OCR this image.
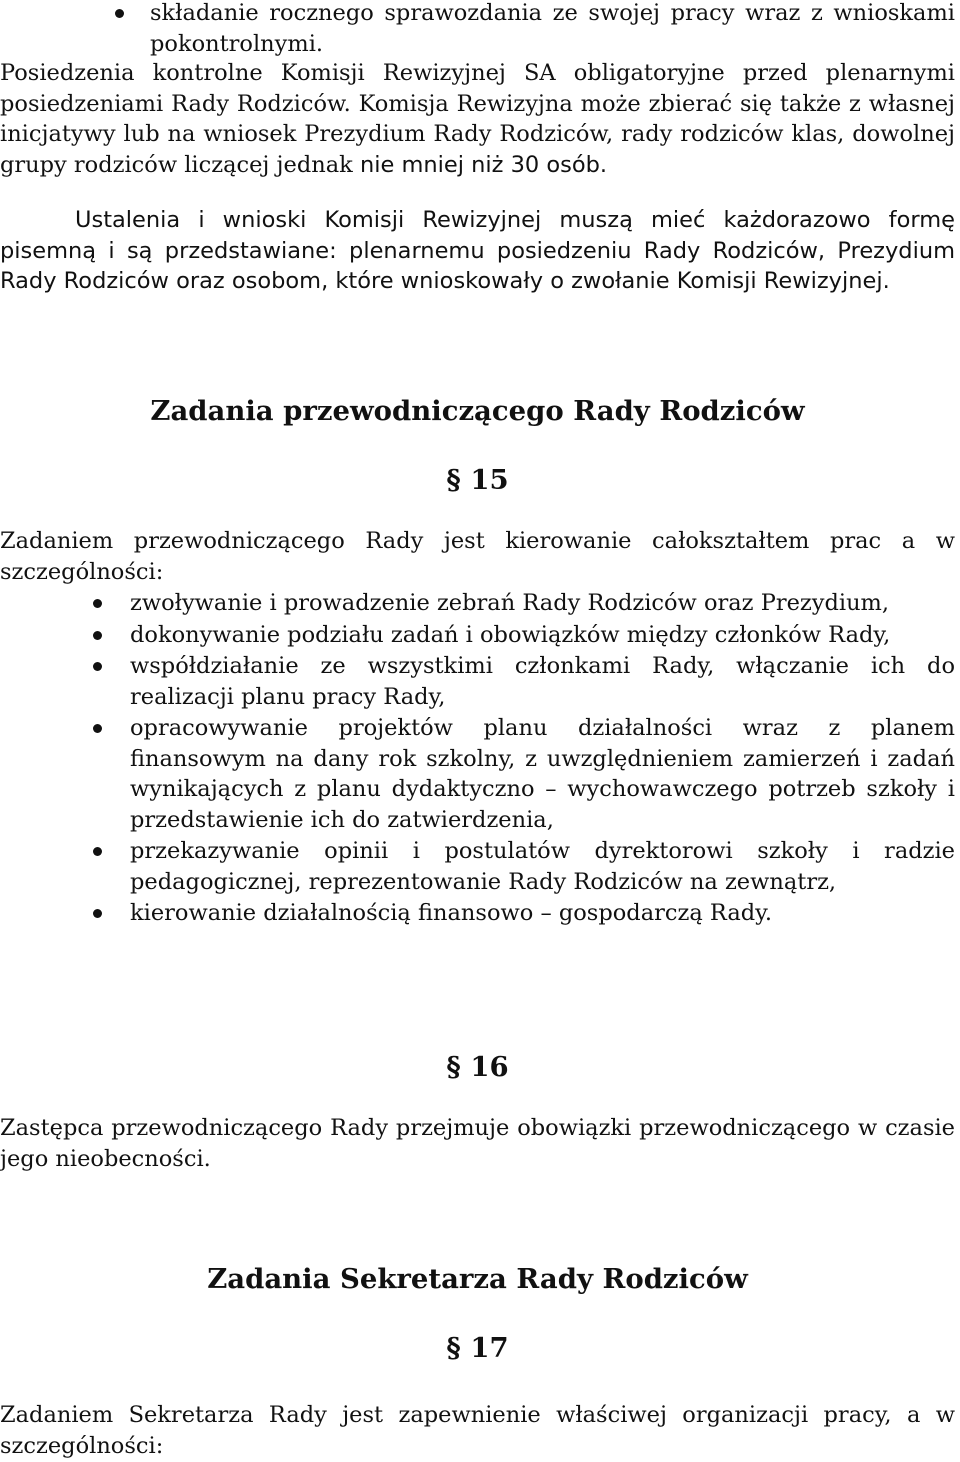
składanie rocznego sprawozdania ze swojej pracy wraz z wnioskami pokontrolnymi.
Posiedzenia kontrolne Komisji Rewizyjnej SA obligatoryjne przed plenarnymi posiedzeniami Rady Rodziców. Komisja Rewizyjna może zbierać się także z własnej inicjatywy lub na wniosek Prezydium Rady Rodziców, rady rodziców klas, dowolnej grupy rodziców liczącej jednak nie mniej niż 30 osób.
Ustalenia i wnioski Komisji Rewizyjnej muszą mieć każdorazowo formę pisemną i są przedstawiane: plenarnemu posiedzeniu Rady Rodziców, Prezydium Rady Rodziców oraz osobom, które wnioskowały o zwołanie Komisji Rewizyjnej.
Zadania przewodniczącego Rady Rodziców
§ 15

Zadaniem przewodniczącego Rady jest kierowanie całokształtem prac a w szczególności:

zwoływanie i prowadzenie zebrań Rady Rodziców oraz Prezydium,
dokonywanie podziału zadań i obowiązków między członków Rady,
współdziałanie ze wszystkimi członkami Rady, włączanie ich do realizacji planu pracy Rady,
opracowywanie projektów planu działalności wraz z planem finansowym na dany rok szkolny, z uwzględnieniem zamierzeń i zadań wynikających z planu dydaktyczno – wychowawczego potrzeb szkoły i przedstawienie ich do zatwierdzenia,
przekazywanie opinii i postulatów dyrektorowi szkoły i radzie pedagogicznej, reprezentowanie Rady Rodziców na zewnątrz,
kierowanie działalnością finansowo – gospodarczą Rady.
§ 16

Zastępca przewodniczącego Rady przejmuje obowiązki przewodniczącego w czasie jego nieobecności.

Zadania Sekretarza Rady Rodziców
§ 17

Zadaniem Sekretarza Rady jest zapewnienie właściwej organizacji pracy, a w szczególności:
